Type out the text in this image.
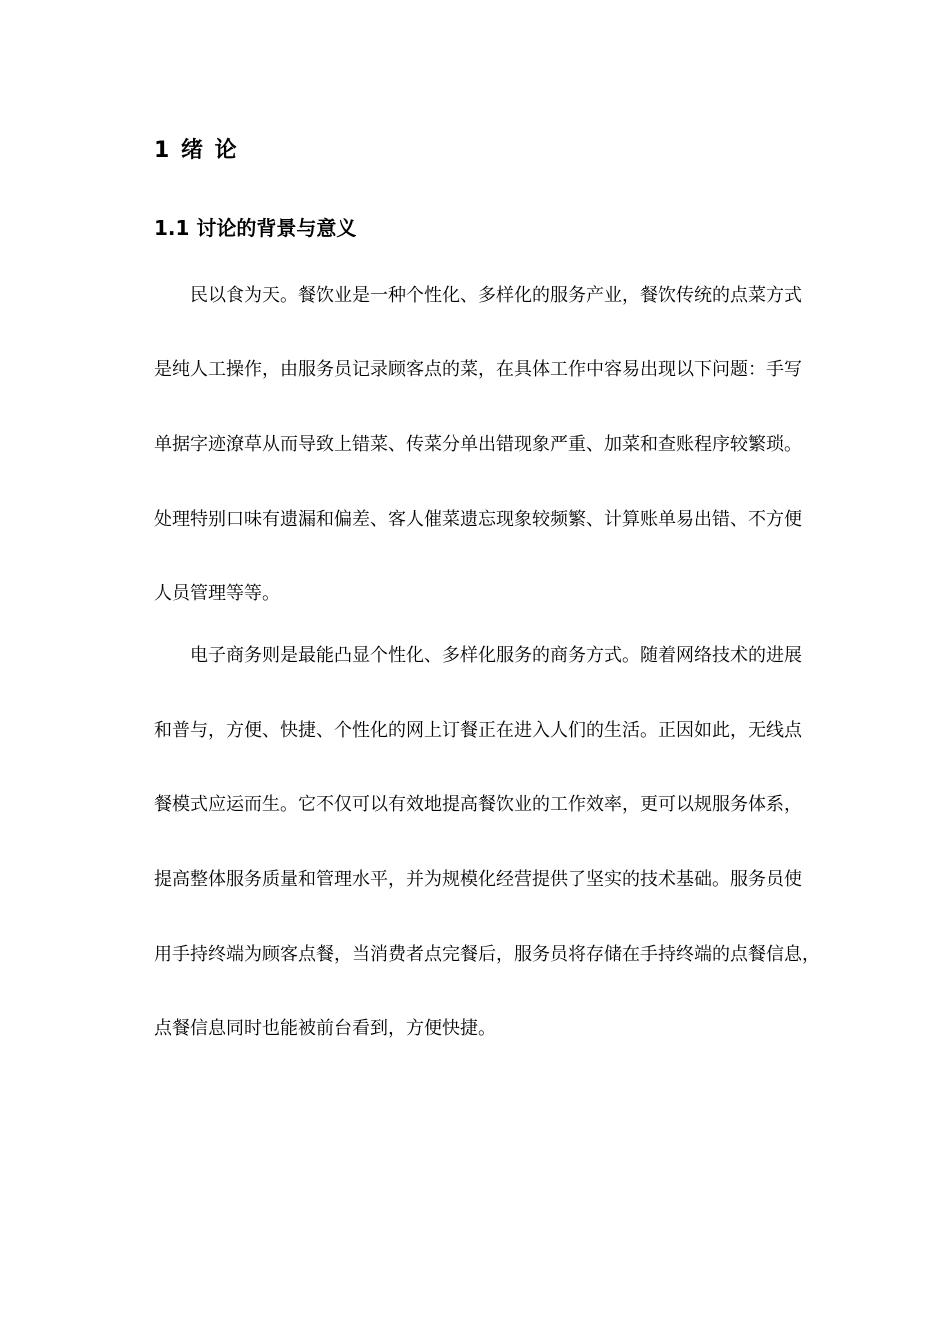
1 绪 论
1.1 讨论的背景与意义
民以食为天。餐饮业是一种个性化、多样化的服务产业，餐饮传统的点菜方式
是纯人工操作，由服务员记录顾客点的菜，在具体工作中容易出现以下问题：手写
单据字迹潦草从而导致上错菜、传菜分单出错现象严重、加菜和查账程序较繁琐。
处理特别口味有遗漏和偏差、客人催菜遗忘现象较频繁、计算账单易出错、不方便
人员管理等等。
电子商务则是最能凸显个性化、多样化服务的商务方式。随着网络技术的进展
和普与，方便、快捷、个性化的网上订餐正在进入人们的生活。正因如此，无线点
餐模式应运而生。它不仅可以有效地提高餐饮业的工作效率，更可以规服务体系，
提高整体服务质量和管理水平，并为规模化经营提供了坚实的技术基础。服务员使
用手持终端为顾客点餐，当消费者点完餐后，服务员将存储在手持终端的点餐信息，
点餐信息同时也能被前台看到，方便快捷。
